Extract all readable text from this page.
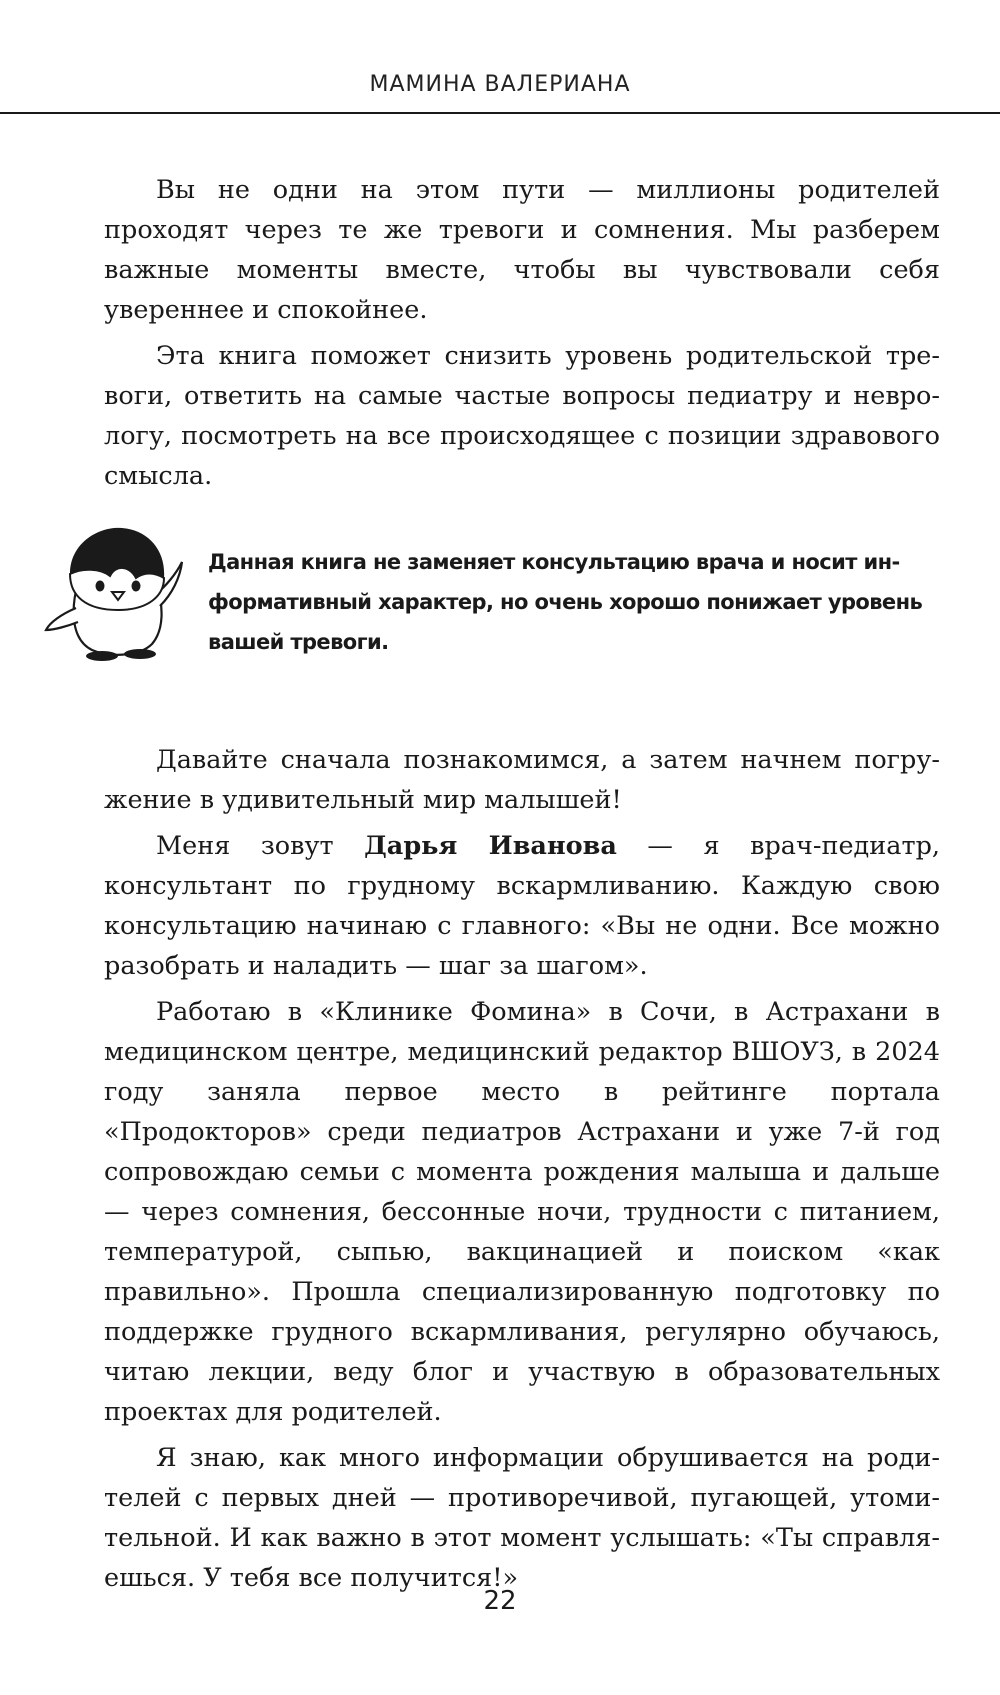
МАМИНА ВАЛЕРИАНА

Вы не одни на этом пути — миллионы родителей проходят через те же тревоги и сомнения. Мы разберем важные моменты вместе, чтобы вы чувствовали себя увереннее и спокойнее.

Эта книга поможет снизить уровень родительской тревоги, ответить на самые частые вопросы педиатру и неврологу, посмотреть на все происходящее с позиции здравового смысла.

Данная книга не заменяет консультацию врача и носит информативный характер, но очень хорошо понижает уровень вашей тревоги.

Давайте сначала познакомимся, а затем начнем погружение в удивительный мир малышей!

Меня зовут Дарья Иванова — я врач-педиатр, консультант по грудному вскармливанию. Каждую свою консультацию начинаю с главного: «Вы не одни. Все можно разобрать и наладить — шаг за шагом».

Работаю в «Клинике Фомина» в Сочи, в Астрахани в медицинском центре, медицинский редактор ВШОУЗ, в 2024 году заняла первое место в рейтинге портала «Продокторов» среди педиатров Астрахани и уже 7-й год сопровождаю семьи с момента рождения малыша и дальше — через сомнения, бессонные ночи, трудности с питанием, температурой, сыпью, вакцинацией и поиском «как правильно». Прошла специализированную подготовку по поддержке грудного вскармливания, регулярно обучаюсь, читаю лекции, веду блог и участвую в образовательных проектах для родителей.

Я знаю, как много информации обрушивается на родителей с первых дней — противоречивой, пугающей, утомительной. И как важно в этот момент услышать: «Ты справляешься. У тебя все получится!»

22
